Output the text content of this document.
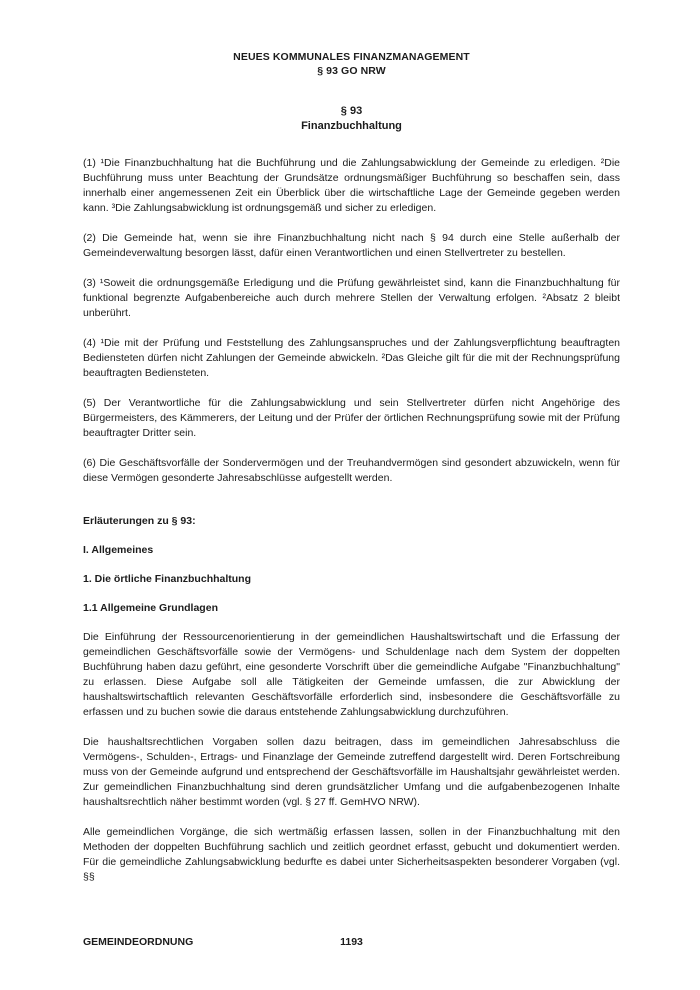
NEUES KOMMUNALES FINANZMANAGEMENT
§ 93 GO NRW
§ 93
Finanzbuchhaltung

(1) ¹Die Finanzbuchhaltung hat die Buchführung und die Zahlungsabwicklung der Gemeinde zu erledigen. ²Die Buchführung muss unter Beachtung der Grundsätze ordnungsmäßiger Buchführung so beschaffen sein, dass innerhalb einer angemessenen Zeit ein Überblick über die wirtschaftliche Lage der Gemeinde gegeben werden kann. ³Die Zahlungsabwicklung ist ordnungsgemäß und sicher zu erledigen.

(2) Die Gemeinde hat, wenn sie ihre Finanzbuchhaltung nicht nach § 94 durch eine Stelle außerhalb der Gemeindeverwaltung besorgen lässt, dafür einen Verantwortlichen und einen Stellvertreter zu bestellen.

(3) ¹Soweit die ordnungsgemäße Erledigung und die Prüfung gewährleistet sind, kann die Finanzbuchhaltung für funktional begrenzte Aufgabenbereiche auch durch mehrere Stellen der Verwaltung erfolgen. ²Absatz 2 bleibt unberührt.

(4) ¹Die mit der Prüfung und Feststellung des Zahlungsanspruches und der Zahlungsverpflichtung beauftragten Bediensteten dürfen nicht Zahlungen der Gemeinde abwickeln. ²Das Gleiche gilt für die mit der Rechnungsprüfung beauftragten Bediensteten.

(5) Der Verantwortliche für die Zahlungsabwicklung und sein Stellvertreter dürfen nicht Angehörige des Bürgermeisters, des Kämmerers, der Leitung und der Prüfer der örtlichen Rechnungsprüfung sowie mit der Prüfung beauftragter Dritter sein.

(6) Die Geschäftsvorfälle der Sondervermögen und der Treuhandvermögen sind gesondert abzuwickeln, wenn für diese Vermögen gesonderte Jahresabschlüsse aufgestellt werden.

Erläuterungen zu § 93:
I. Allgemeines
1. Die örtliche Finanzbuchhaltung
1.1 Allgemeine Grundlagen

Die Einführung der Ressourcenorientierung in der gemeindlichen Haushaltswirtschaft und die Erfassung der gemeindlichen Geschäftsvorfälle sowie der Vermögens- und Schuldenlage nach dem System der doppelten Buchführung haben dazu geführt, eine gesonderte Vorschrift über die gemeindliche Aufgabe "Finanzbuchhaltung" zu erlassen. Diese Aufgabe soll alle Tätigkeiten der Gemeinde umfassen, die zur Abwicklung der haushaltswirtschaftlich relevanten Geschäftsvorfälle erforderlich sind, insbesondere die Geschäftsvorfälle zu erfassen und zu buchen sowie die daraus entstehende Zahlungsabwicklung durchzuführen.

Die haushaltsrechtlichen Vorgaben sollen dazu beitragen, dass im gemeindlichen Jahresabschluss die Vermögens-, Schulden-, Ertrags- und Finanzlage der Gemeinde zutreffend dargestellt wird. Deren Fortschreibung muss von der Gemeinde aufgrund und entsprechend der Geschäftsvorfälle im Haushaltsjahr gewährleistet werden. Zur gemeindlichen Finanzbuchhaltung sind deren grundsätzlicher Umfang und die aufgabenbezogenen Inhalte haushaltsrechtlich näher bestimmt worden (vgl. § 27 ff. GemHVO NRW).

Alle gemeindlichen Vorgänge, die sich wertmäßig erfassen lassen, sollen in der Finanzbuchhaltung mit den Methoden der doppelten Buchführung sachlich und zeitlich geordnet erfasst, gebucht und dokumentiert werden. Für die gemeindliche Zahlungsabwicklung bedurfte es dabei unter Sicherheitsaspekten besonderer Vorgaben (vgl. §§

GEMEINDEORDNUNG	1193
